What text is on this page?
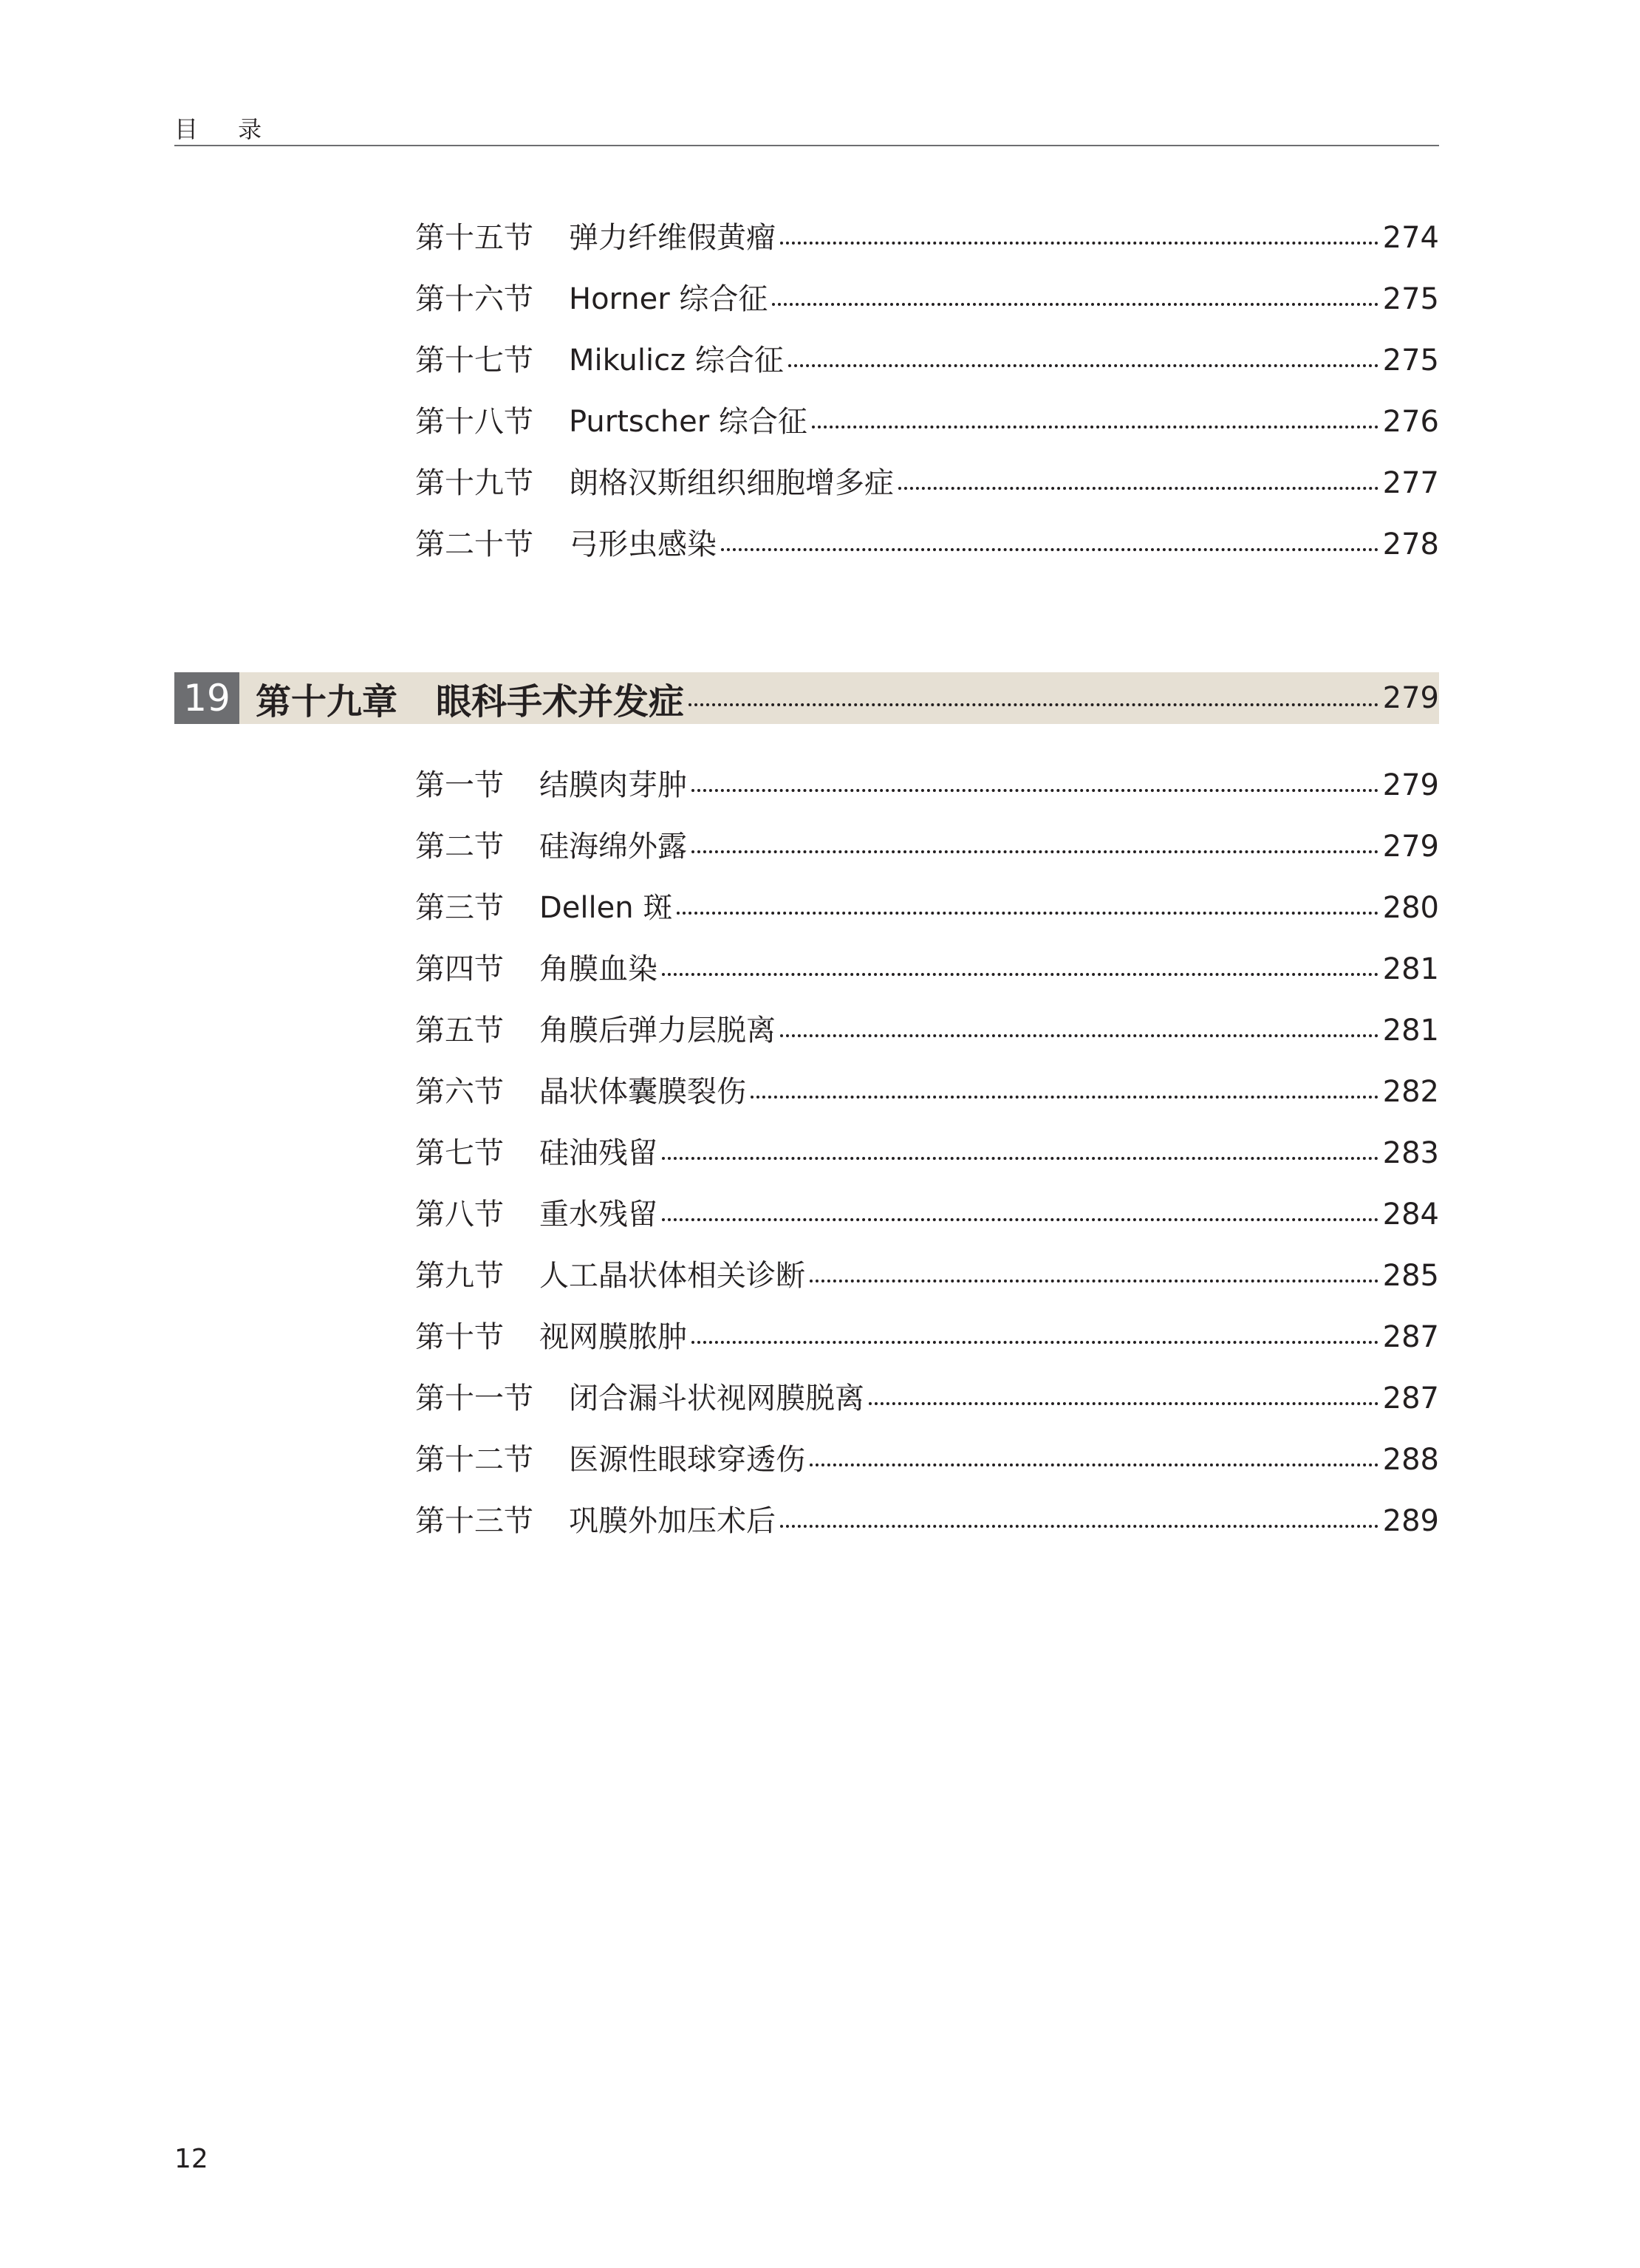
目 录
第十五节 弹力纤维假黄瘤	274
第十六节 Horner 综合征	275
第十七节 Mikulicz 综合征	275
第十八节 Purtscher 综合征	276
第十九节 朗格汉斯组织细胞增多症	277
第二十节 弓形虫感染	278
19 第十九章 眼科手术并发症	279
第一节 结膜肉芽肿	279
第二节 硅海绵外露	279
第三节 Dellen 斑	280
第四节 角膜血染	281
第五节 角膜后弹力层脱离	281
第六节 晶状体囊膜裂伤	282
第七节 硅油残留	283
第八节 重水残留	284
第九节 人工晶状体相关诊断	285
第十节 视网膜脓肿	287
第十一节 闭合漏斗状视网膜脱离	287
第十二节 医源性眼球穿透伤	288
第十三节 巩膜外加压术后	289
12
